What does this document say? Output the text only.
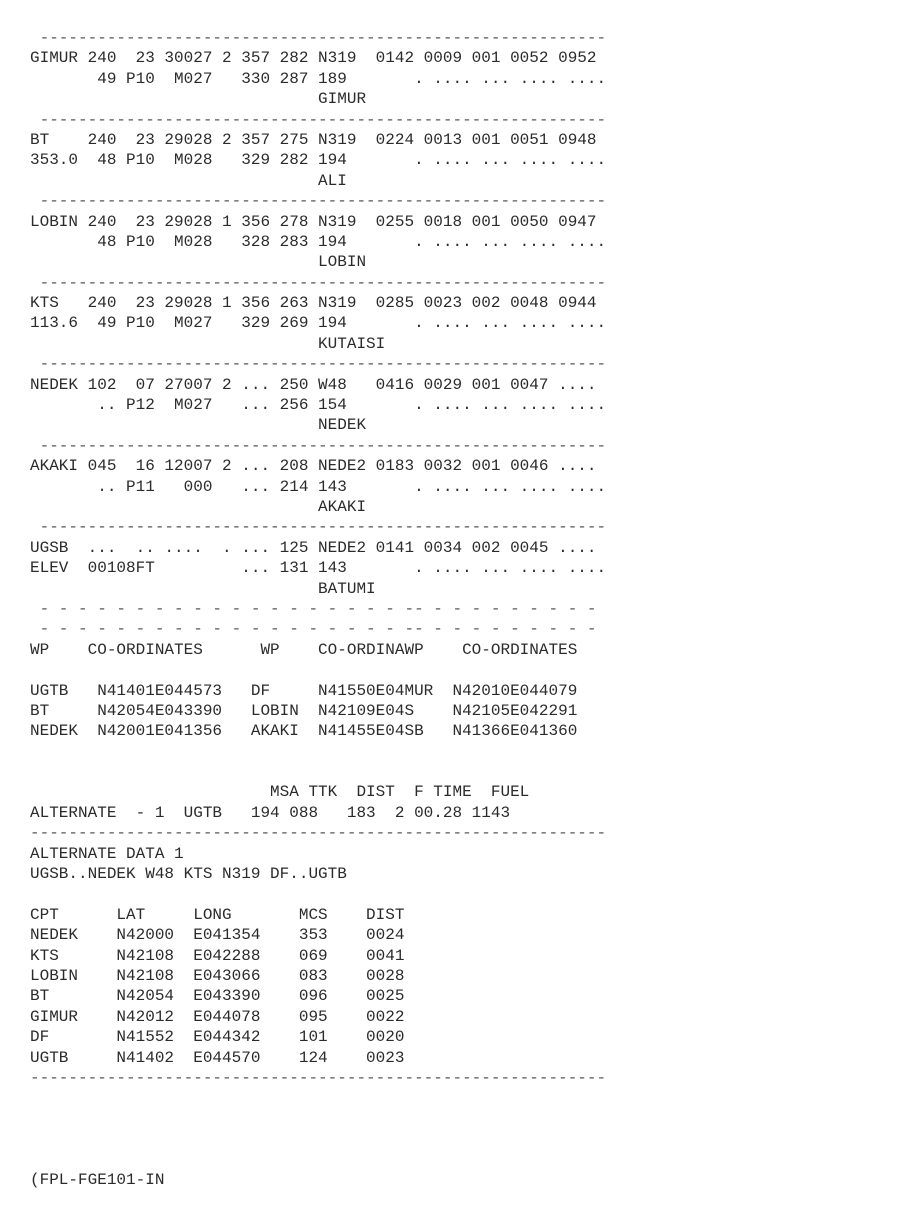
-----------------------------------------------------------
GIMUR 240  23 30027 2 357 282 N319  0142 0009 001 0052 0952
49 P10  M027   330 287 189       . .... ... .... ....
GIMUR
-----------------------------------------------------------
BT    240  23 29028 2 357 275 N319  0224 0013 001 0051 0948
353.0  48 P10  M028   329 282 194       . .... ... .... ....
ALI
-----------------------------------------------------------
LOBIN 240  23 29028 1 356 278 N319  0255 0018 001 0050 0947
48 P10  M028   328 283 194       . .... ... .... ....
LOBIN
-----------------------------------------------------------
KTS   240  23 29028 1 356 263 N319  0285 0023 002 0048 0944
113.6  49 P10  M027   329 269 194       . .... ... .... ....
KUTAISI
-----------------------------------------------------------
NEDEK 102  07 27007 2 ... 250 W48   0416 0029 001 0047 ....
.. P12  M027   ... 256 154       . .... ... .... ....
NEDEK
-----------------------------------------------------------
AKAKI 045  16 12007 2 ... 208 NEDE2 0183 0032 001 0046 ....
.. P11   000   ... 214 143       . .... ... .... ....
AKAKI
-----------------------------------------------------------
UGSB  ...  .. ....  . ... 125 NEDE2 0141 0034 002 0045 ....
ELEV  00108FT         ... 131 143       . .... ... .... ....
BATUMI
- - - - - - - - - - - - - - - - - - - -- - - - - - - - - -
- - - - - - - - - - - - - - - - - - - -- - - - - - - - - -
WP    CO-ORDINATES      WP    CO-ORDINAWP    CO-ORDINATES
UGTB   N41401E044573   DF     N41550E04MUR  N42010E044079
BT     N42054E043390   LOBIN  N42109E04S    N42105E042291
NEDEK  N42001E041356   AKAKI  N41455E04SB   N41366E041360
MSA TTK  DIST  F TIME  FUEL
ALTERNATE  - 1  UGTB   194 088   183  2 00.28 1143
------------------------------------------------------------
ALTERNATE DATA 1
UGSB..NEDEK W48 KTS N319 DF..UGTB
CPT      LAT     LONG       MCS    DIST
NEDEK    N42000  E041354    353    0024
KTS      N42108  E042288    069    0041
LOBIN    N42108  E043066    083    0028
BT       N42054  E043390    096    0025
GIMUR    N42012  E044078    095    0022
DF       N41552  E044342    101    0020
UGTB     N41402  E044570    124    0023
------------------------------------------------------------
(FPL-FGE101-IN
